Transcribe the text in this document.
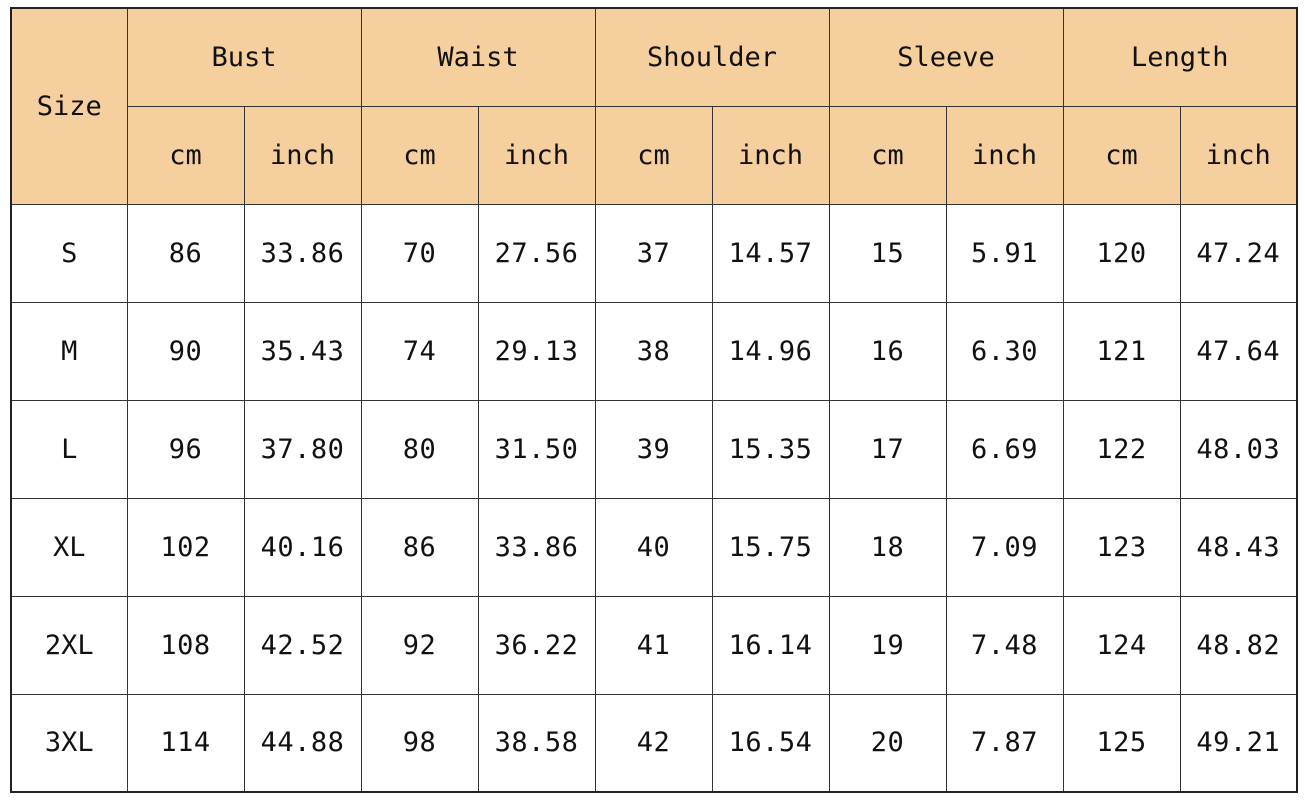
Size	Bust		Waist		Shoulder		Sleeve		Length	
	cm	inch	cm	inch	cm	inch	cm	inch	cm	inch
S	86	33.86	70	27.56	37	14.57	15	5.91	120	47.24
M	90	35.43	74	29.13	38	14.96	16	6.30	121	47.64
L	96	37.80	80	31.50	39	15.35	17	6.69	122	48.03
XL	102	40.16	86	33.86	40	15.75	18	7.09	123	48.43
2XL	108	42.52	92	36.22	41	16.14	19	7.48	124	48.82
3XL	114	44.88	98	38.58	42	16.54	20	7.87	125	49.21
